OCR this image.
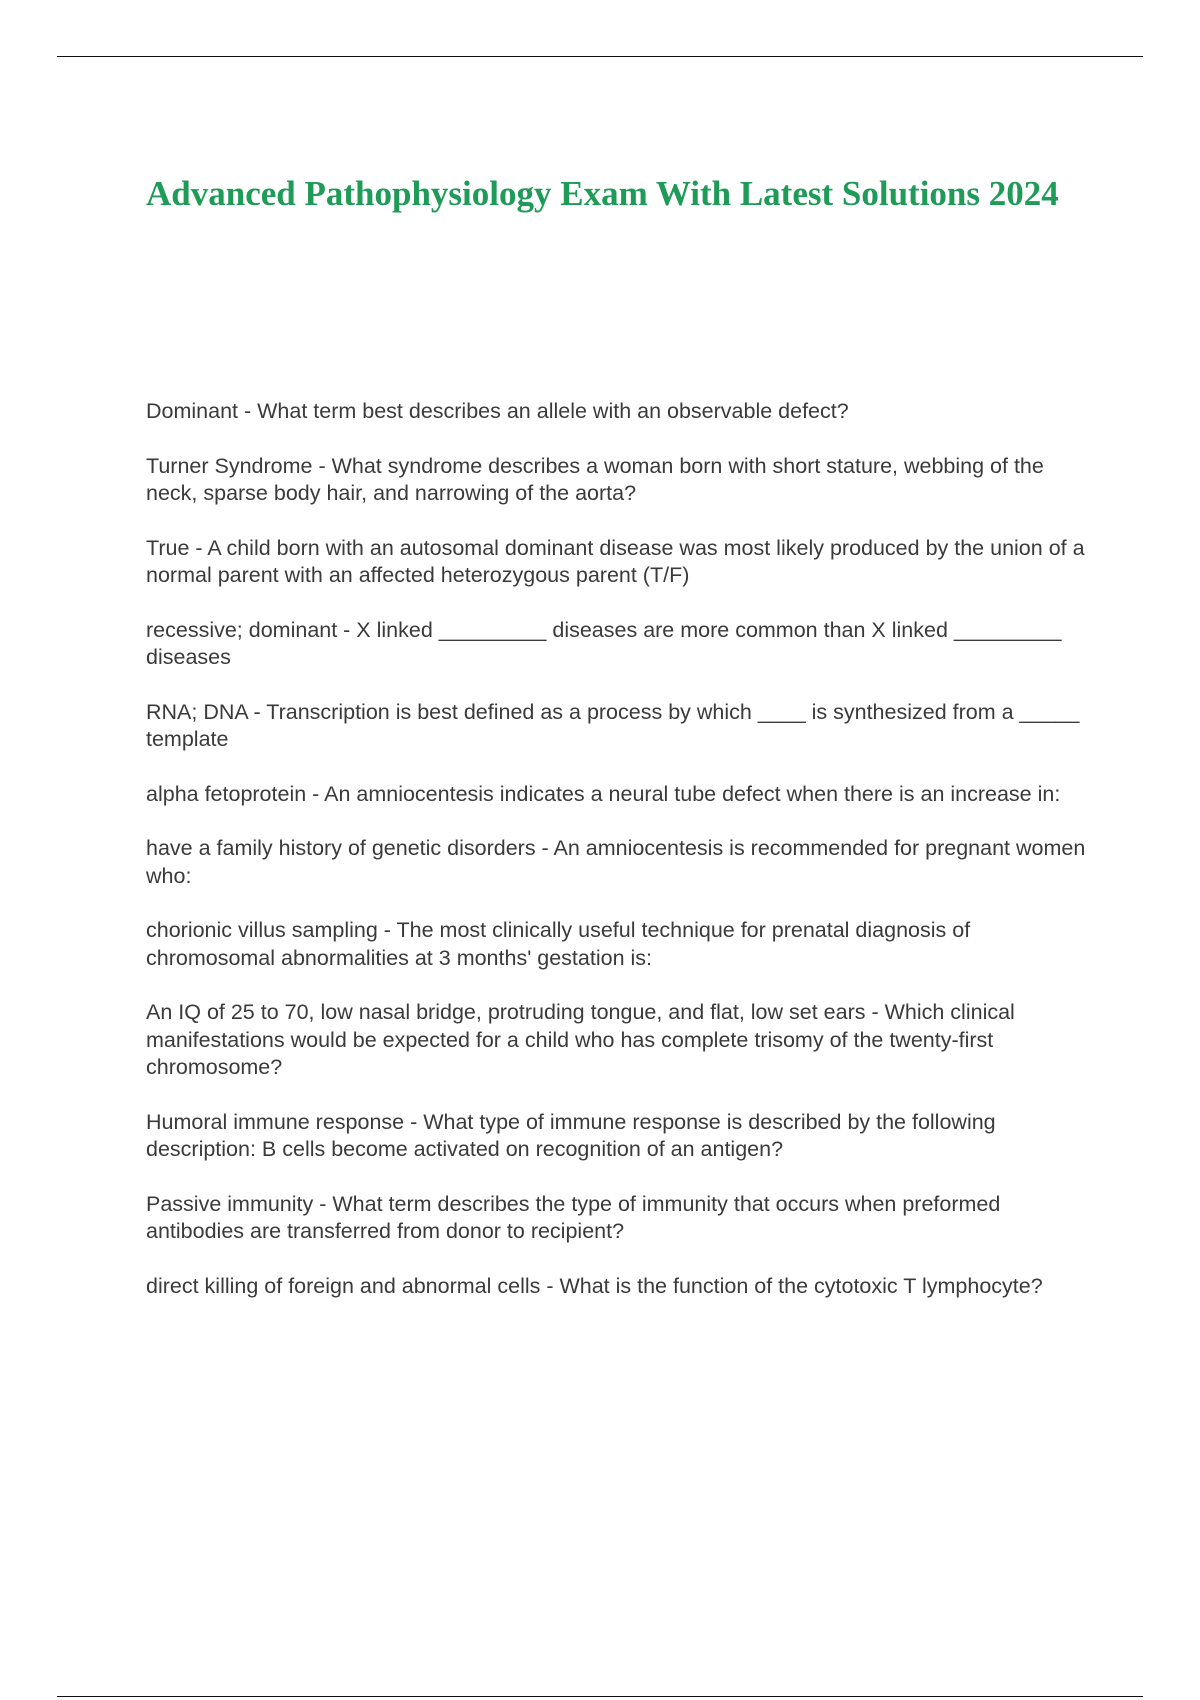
Advanced Pathophysiology Exam With Latest Solutions 2024
Dominant - What term best describes an allele with an observable defect?
Turner Syndrome - What syndrome describes a woman born with short stature, webbing of the neck, sparse body hair, and narrowing of the aorta?
True - A child born with an autosomal dominant disease was most likely produced by the union of a normal parent with an affected heterozygous parent (T/F)
recessive; dominant - X linked _________ diseases are more common than X linked _________ diseases
RNA; DNA - Transcription is best defined as a process by which ____ is synthesized from a _____ template
alpha fetoprotein - An amniocentesis indicates a neural tube defect when there is an increase in:
have a family history of genetic disorders - An amniocentesis is recommended for pregnant women who:
chorionic villus sampling - The most clinically useful technique for prenatal diagnosis of chromosomal abnormalities at 3 months' gestation is:
An IQ of 25 to 70, low nasal bridge, protruding tongue, and flat, low set ears - Which clinical manifestations would be expected for a child who has complete trisomy of the twenty-first chromosome?
Humoral immune response - What type of immune response is described by the following description: B cells become activated on recognition of an antigen?
Passive immunity - What term describes the type of immunity that occurs when preformed antibodies are transferred from donor to recipient?
direct killing of foreign and abnormal cells - What is the function of the cytotoxic T lymphocyte?
